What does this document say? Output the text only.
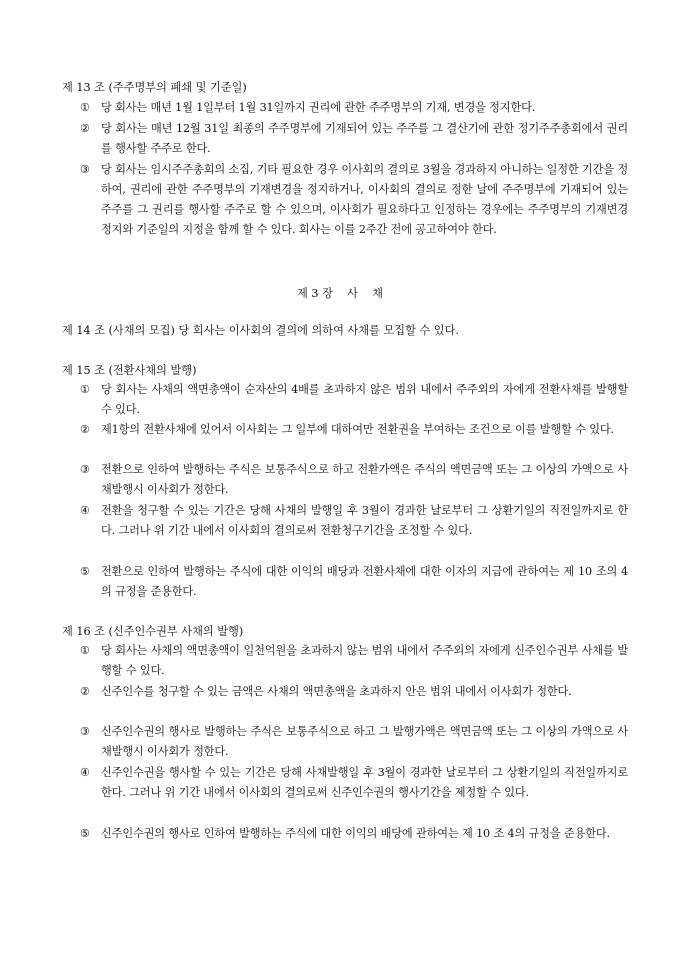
제 13 조 (주주명부의 폐쇄 및 기준일)
① 당 회사는 매년 1월 1일부터 1월 31일까지 권리에 관한 주주명부의 기재, 변경을 정지한다.
② 당 회사는 매년 12월 31일 최종의 주주명부에 기재되어 있는 주주를 그 결산기에 관한 정기주주총회에서 권리를 행사할 주주로 한다.
③ 당 회사는 임시주주총회의 소집, 기타 필요한 경우 이사회의 결의로 3월을 경과하지 아니하는 일정한 기간을 정하여, 권리에 관한 주주명부의 기재변경을 정지하거나, 이사회의 결의로 정한 날에 주주명부에 기재되어 있는 주주를 그 권리를 행사할 주주로 할 수 있으며, 이사회가 필요하다고 인정하는 경우에는 주주명부의 기재변경 정지와 기준일의 지정을 함께 할 수 있다. 회사는 이를 2주간 전에 공고하여야 한다.
제 3 장    사    채
제 14 조 (사채의 모집) 당 회사는 이사회의 결의에 의하여 사채를 모집할 수 있다.
제 15 조 (전환사채의 발행)
① 당 회사는 사채의 액면총액이 순자산의 4배를 초과하지 않은 범위 내에서 주주외의 자에게 전환사채를 발행할 수 있다.
② 제1항의 전환사채에 있어서 이사회는 그 일부에 대하여만 전환권을 부여하는 조건으로 이를 발행할 수 있다.
③ 전환으로 인하여 발행하는 주식은 보통주식으로 하고 전환가액은 주식의 액면금액 또는 그 이상의 가액으로 사채발행시 이사회가 정한다.
④ 전환을 청구할 수 있는 기간은 당해 사채의 발행일 후 3월이 경과한 날로부터 그 상환기일의 직전일까지로 한다. 그러나 위 기간 내에서 이사회의 결의로써 전환청구기간을 조정할 수 있다.
⑤ 전환으로 인하여 발행하는 주식에 대한 이익의 배당과 전환사채에 대한 이자의 지급에 관하여는 제 10 조의 4의 규정을 준용한다.
제 16 조 (신주인수권부 사채의 발행)
① 당 회사는 사채의 액면총액이 일천억원을 초과하지 않는 범위 내에서 주주외의 자에게 신주인수권부 사채를 발행할 수 있다.
② 신주인수를 청구할 수 있는 금액은 사채의 액면총액을 초과하지 안은 범위 내에서 이사회가 정한다.
③ 신주인수권의 행사로 발행하는 주식은 보통주식으로 하고 그 발행가액은 액면금액 또는 그 이상의 가액으로 사채발행시 이사회가 정한다.
④ 신주인수권을 행사할 수 있는 기간은 당해 사채발행일 후 3월이 경과한 날로부터 그 상환기일의 직전일까지로 한다. 그러나 위 기간 내에서 이사회의 결의로써 신주인수권의 행사기간을 제정할 수 있다.
⑤ 신주인수권의 행사로 인하여 발행하는 주식에 대한 이익의 배당에 관하여는 제 10 조 4의 규정을 준용한다.
